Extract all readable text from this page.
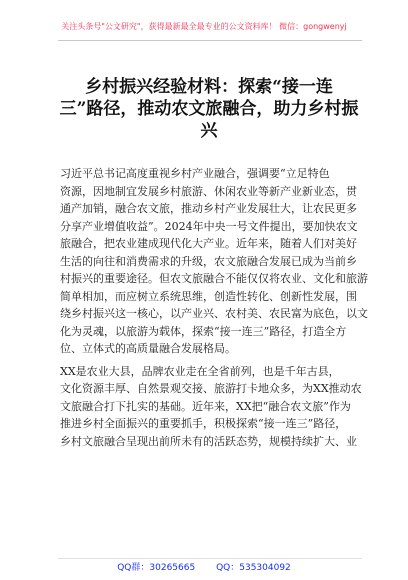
关注头条号"公文研究"，获得最新最全最专业的公文资料库！ 微信：gongwenyj
乡村振兴经验材料：探索“接一连
三”路径，推动农文旅融合，助力乡村振
兴
习近平总书记高度重视乡村产业融合，强调要“立足特色
资源，因地制宜发展乡村旅游、休闲农业等新产业新业态，贯
通产加销，融合农文旅，推动乡村产业发展壮大，让农民更多
分享产业增值收益”。2024年中央一号文件提出，要加快农文
旅融合，把农业建成现代化大产业。近年来，随着人们对美好
生活的向往和消费需求的升级，农文旅融合发展已成为当前乡
村振兴的重要途径。但农文旅融合不能仅仅将农业、文化和旅游
简单相加，而应树立系统思维，创造性转化、创新性发展，围
绕乡村振兴这一核心，以产业兴、农村美、农民富为底色，以文
化为灵魂，以旅游为载体，探索“接一连三”路径，打造全方
位、立体式的高质量融合发展格局。
XX是农业大县，品牌农业走在全省前列，也是千年古县，
文化资源丰厚、自然景观交接、旅游打卡地众多，为XX推动农
文旅融合打下扎实的基础。近年来，XX把“融合农文旅”作为
推进乡村全面振兴的重要抓手，积极探索“接一连三”路径，
乡村文旅融合呈现出前所未有的活跃态势，规模持续扩大、业
QQ群：30265665 QQ：535304092
